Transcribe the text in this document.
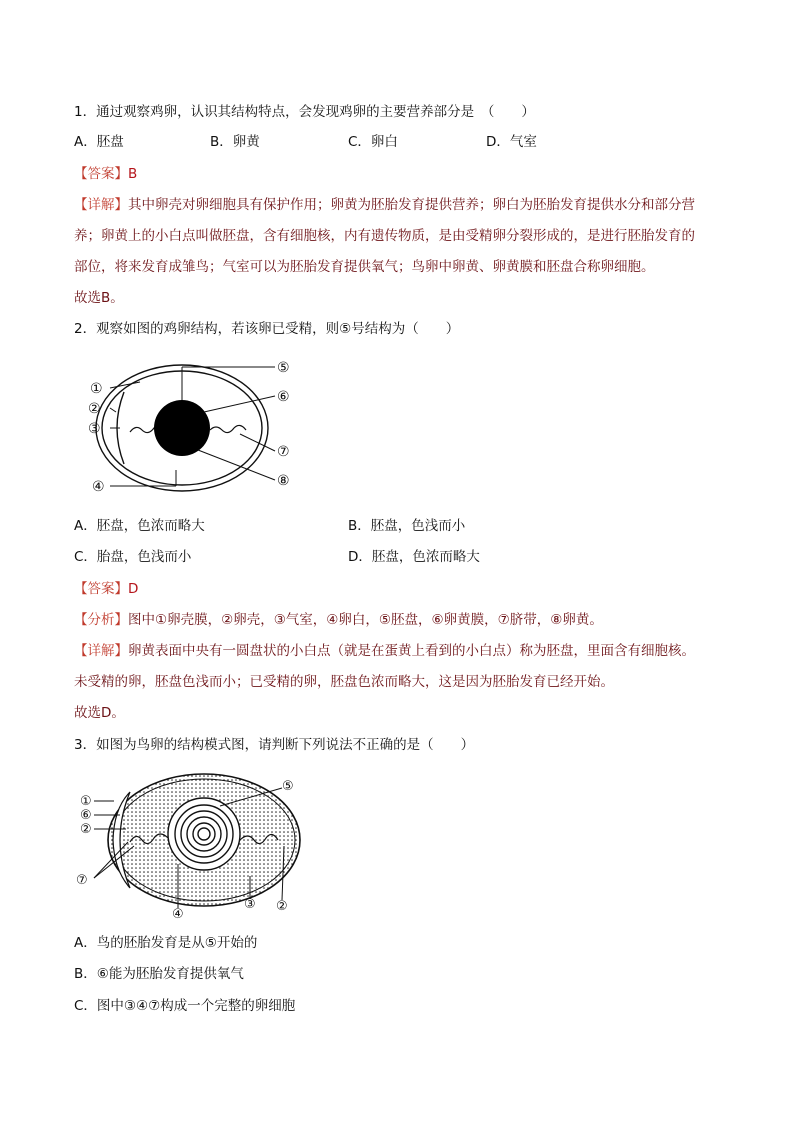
1．通过观察鸡卵，认识其结构特点，会发现鸡卵的主要营养部分是　（　　）
A．胚盘	B．卵黄	C．卵白	D．气室
【答案】B
【详解】其中卵壳对卵细胞具有保护作用；卵黄为胚胎发育提供营养；卵白为胚胎发育提供水分和部分营
养；卵黄上的小白点叫做胚盘，含有细胞核，内有遗传物质，是由受精卵分裂形成的，是进行胚胎发育的
部位，将来发育成雏鸟；气室可以为胚胎发育提供氧气；鸟卵中卵黄、卵黄膜和胚盘合称卵细胞。
故选B。
2．观察如图的鸡卵结构，若该卵已受精，则⑤号结构为（　　）
①
②
③
④
⑤
⑥
⑦
⑧
A．胚盘，色浓而略大	B．胚盘，色浅而小
C．胎盘，色浅而小	D．胚盘，色浓而略大
【答案】D
【分析】图中①卵壳膜，②卵壳，③气室，④卵白，⑤胚盘，⑥卵黄膜，⑦脐带，⑧卵黄。
【详解】卵黄表面中央有一圆盘状的小白点（就是在蛋黄上看到的小白点）称为胚盘，里面含有细胞核。
未受精的卵，胚盘色浅而小；已受精的卵，胚盘色浓而略大，这是因为胚胎发育已经开始。
故选D。
3．如图为鸟卵的结构模式图，请判断下列说法不正确的是（　　）
①
⑥
②
⑦
⑤
④
③ ②
A．鸟的胚胎发育是从⑤开始的
B．⑥能为胚胎发育提供氧气
C．图中③④⑦构成一个完整的卵细胞
